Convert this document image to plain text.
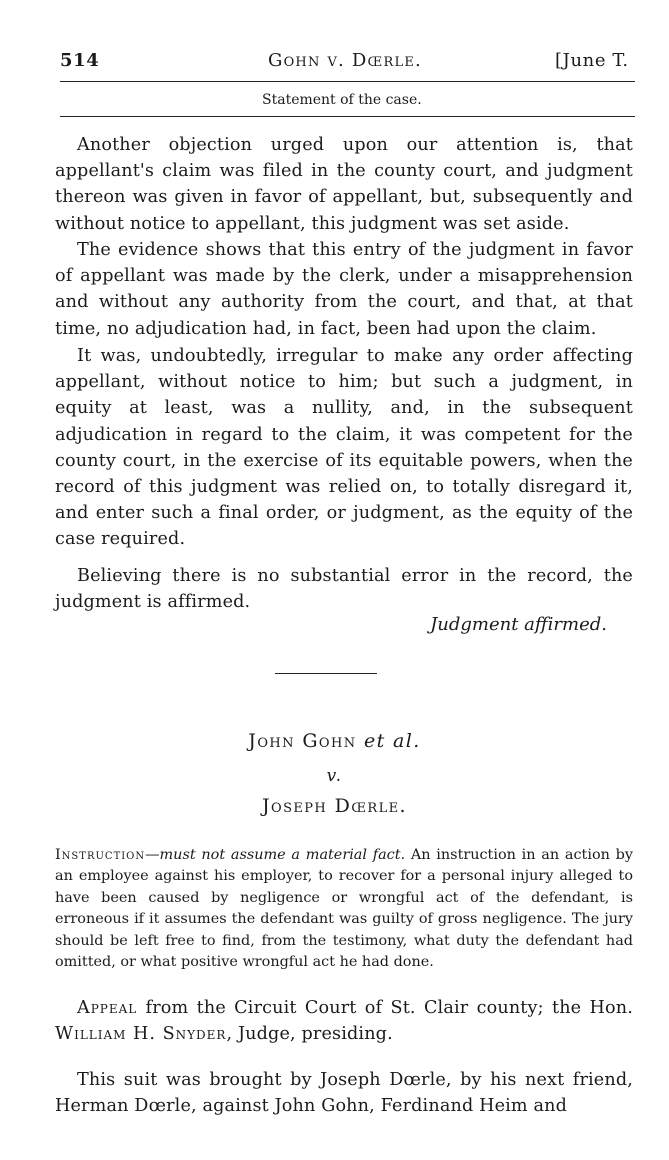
514	Gohn v. Dœrle.	[June T.
Statement of the case.

Another objection urged upon our attention is, that appellant's claim was filed in the county court, and judgment thereon was given in favor of appellant, but, subsequently and without notice to appellant, this judgment was set aside.

The evidence shows that this entry of the judgment in favor of appellant was made by the clerk, under a misapprehension and without any authority from the court, and that, at that time, no adjudication had, in fact, been had upon the claim.

It was, undoubtedly, irregular to make any order affecting appellant, without notice to him; but such a judgment, in equity at least, was a nullity, and, in the subsequent adjudication in regard to the claim, it was competent for the county court, in the exercise of its equitable powers, when the record of this judgment was relied on, to totally disregard it, and enter such a final order, or judgment, as the equity of the case required.

Believing there is no substantial error in the record, the judgment is affirmed.

Judgment affirmed.
John Gohn et al.
v.
Joseph Dœrle.

Instruction—must not assume a material fact. An instruction in an action by an employee against his employer, to recover for a personal injury alleged to have been caused by negligence or wrongful act of the defendant, is erroneous if it assumes the defendant was guilty of gross negligence. The jury should be left free to find, from the testimony, what duty the defendant had omitted, or what positive wrongful act he had done.

Appeal from the Circuit Court of St. Clair county; the Hon. William H. Snyder, Judge, presiding.

This suit was brought by Joseph Dœrle, by his next friend, Herman Dœrle, against John Gohn, Ferdinand Heim and
